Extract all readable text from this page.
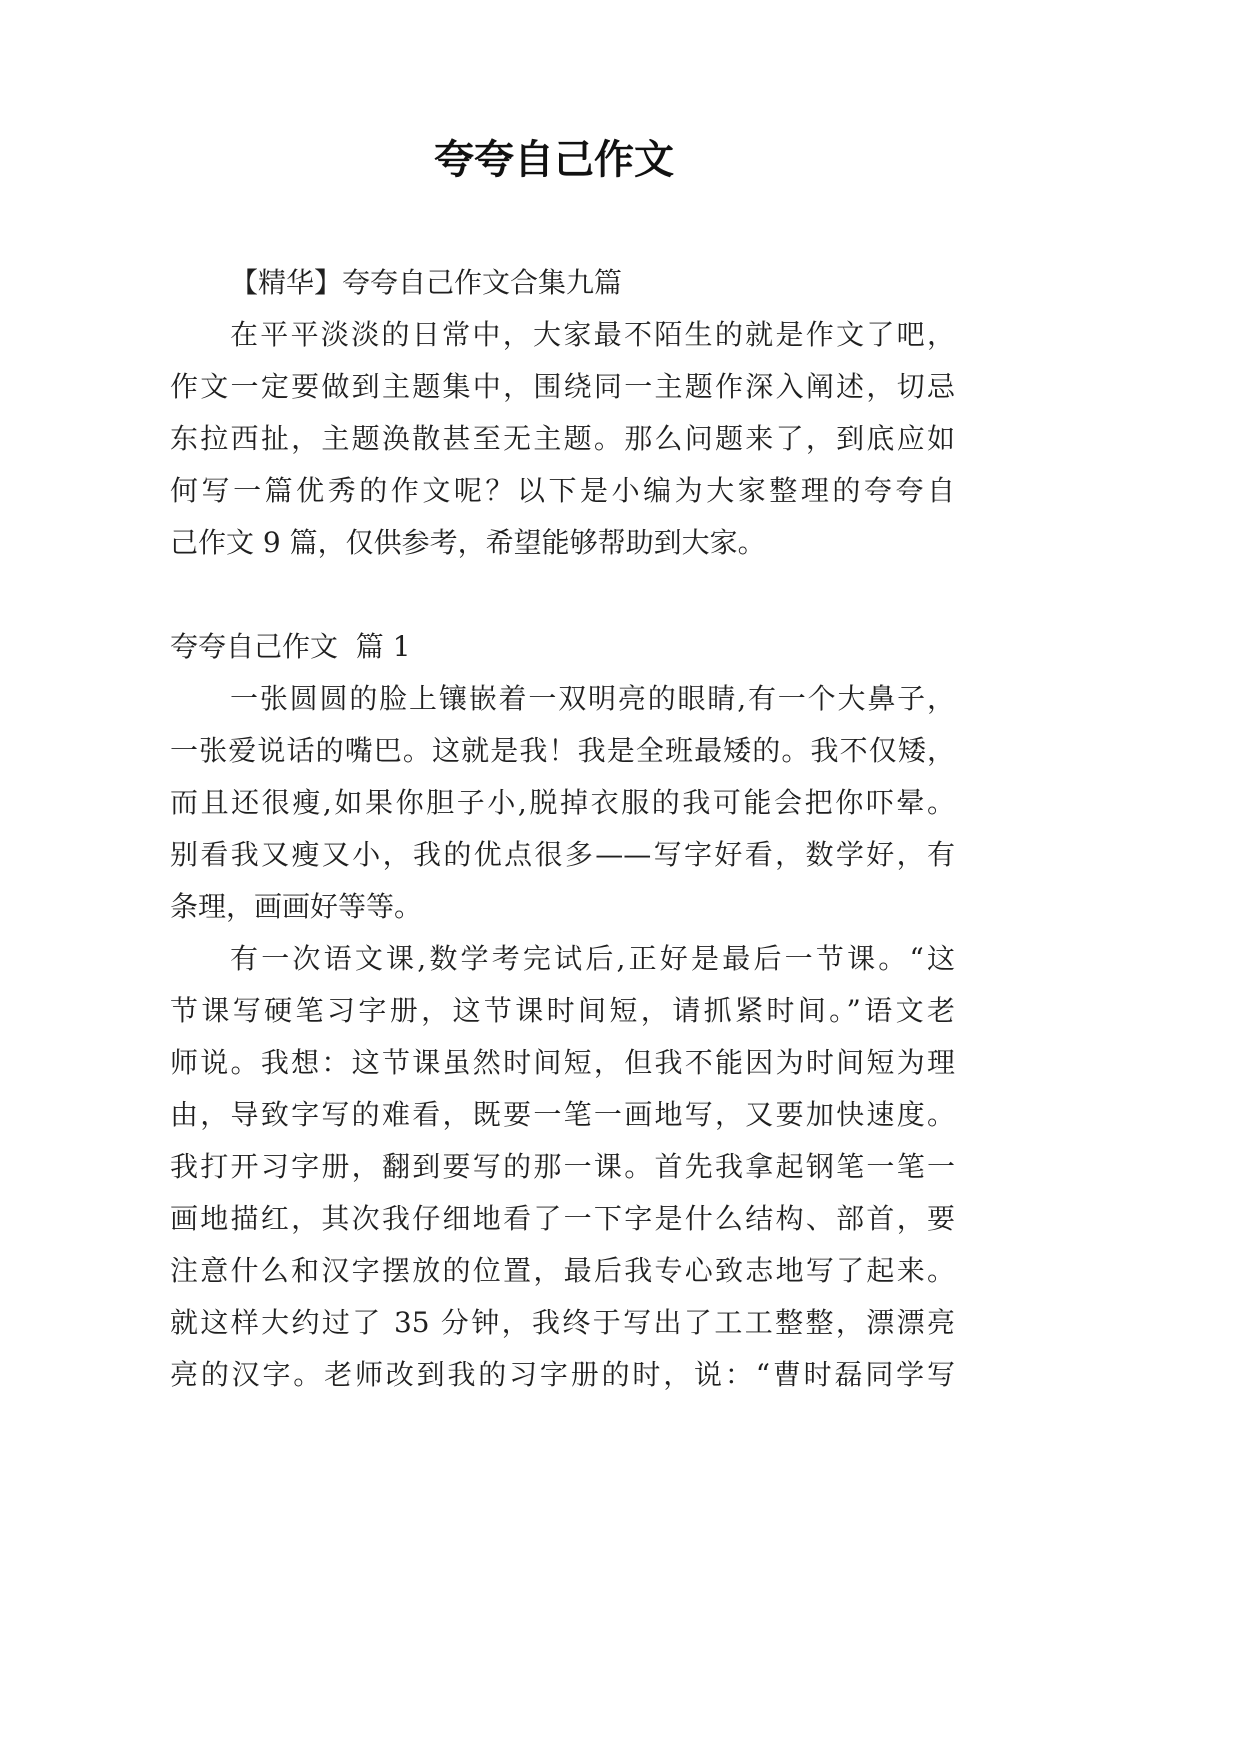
夸夸自己作文
【精华】夸夸自己作文合集九篇
在平平淡淡的日常中，大家最不陌生的就是作文了吧，
作文一定要做到主题集中，围绕同一主题作深入阐述，切忌
东拉西扯，主题涣散甚至无主题。那么问题来了，到底应如
何写一篇优秀的作文呢？以下是小编为大家整理的夸夸自
己作文 9 篇，仅供参考，希望能够帮助到大家。
夸夸自己作文  篇 1
一张圆圆的脸上镶嵌着一双明亮的眼睛,有一个大鼻子，
一张爱说话的嘴巴。这就是我！我是全班最矮的。我不仅矮，
而且还很瘦,如果你胆子小,脱掉衣服的我可能会把你吓晕。
别看我又瘦又小，我的优点很多——写字好看，数学好，有
条理，画画好等等。
有一次语文课,数学考完试后,正好是最后一节课。“这
节课写硬笔习字册，这节课时间短，请抓紧时间。”语文老
师说。我想：这节课虽然时间短，但我不能因为时间短为理
由，导致字写的难看，既要一笔一画地写，又要加快速度。
我打开习字册，翻到要写的那一课。首先我拿起钢笔一笔一
画地描红，其次我仔细地看了一下字是什么结构、部首，要
注意什么和汉字摆放的位置，最后我专心致志地写了起来。
就这样大约过了 35 分钟，我终于写出了工工整整，漂漂亮
亮的汉字。老师改到我的习字册的时，说：“曹时磊同学写
